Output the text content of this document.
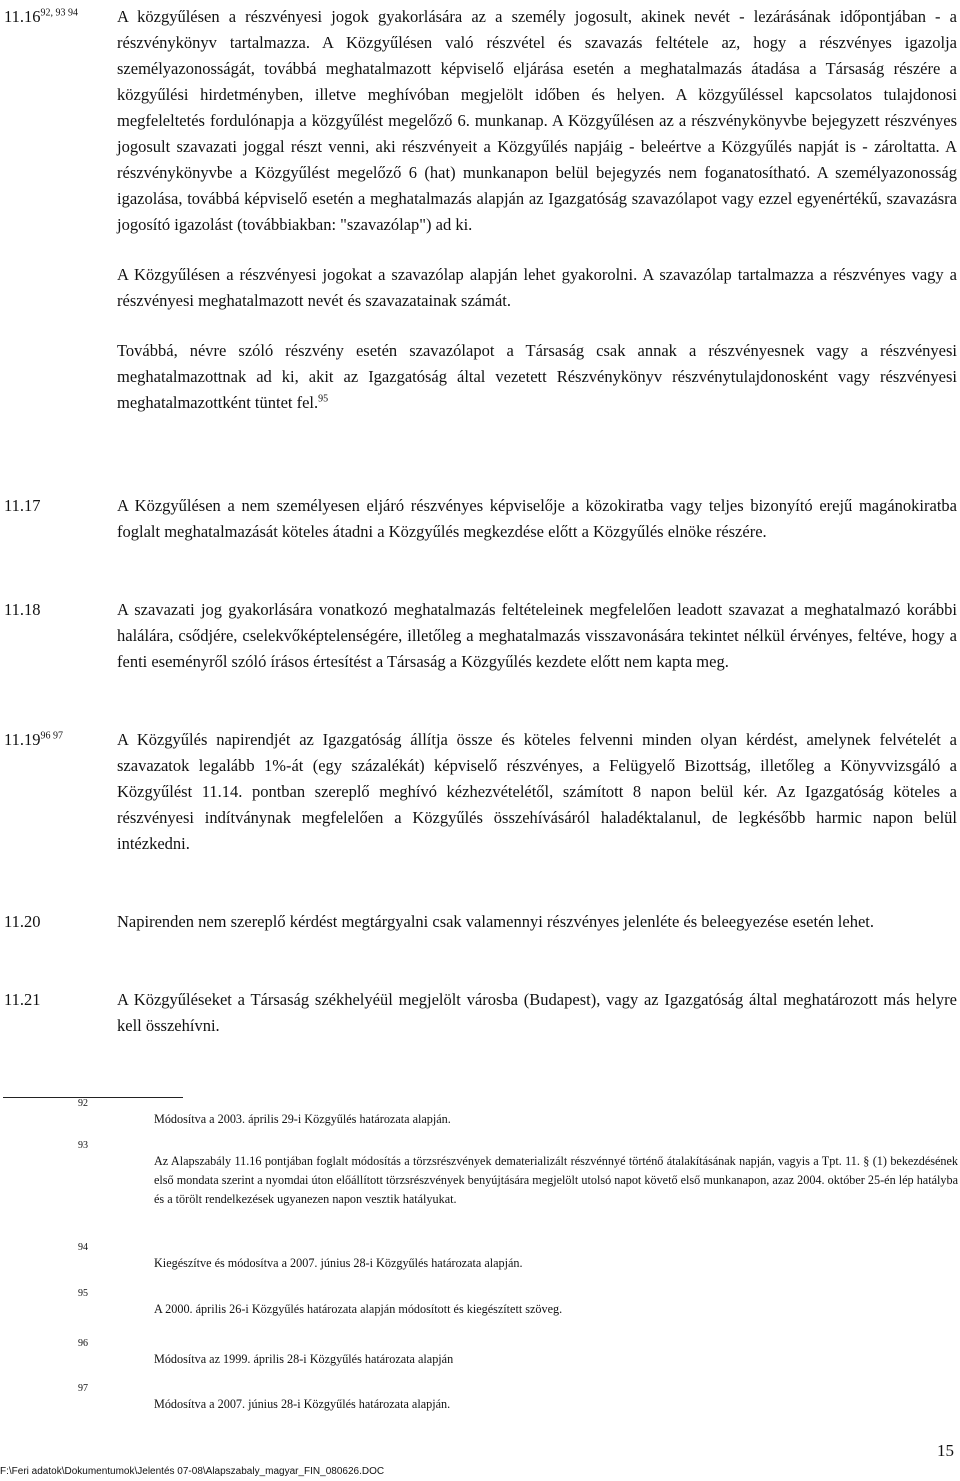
$11.16^{92, 93 94}$ A közgyűlésen a részvényesi jogok gyakorlására az a személy jogosult, akinek nevét - lezárásának időpontjában - a részvénykönyv tartalmazza. A Közgyűlésen való részvétel és szavazás feltétele az, hogy a részvényes igazolja személyazonosságát, továbbá meghatalmazott képviselő eljárása esetén a meghatalmazás átadása a Társaság részére a közgyűlési hirdetményben, illetve meghívóban megjelölt időben és helyen. A közgyűléssel kapcsolatos tulajdonosi megfeleltetés fordulónapja a közgyűlést megelőző 6. munkanap. A Közgyűlésen az a részvénykönyvbe bejegyzett részvényes jogosult szavazati joggal részt venni, aki részvényeit a Közgyűlés napjáig - beleértve a Közgyűlés napját is - zároltatta. A részvénykönyvbe a Közgyűlést megelőző 6 (hat) munkanapon belül bejegyzés nem foganatosítható. A személyazonosság igazolása, továbbá képviselő esetén a meghatalmazás alapján az Igazgatóság szavazólapot vagy ezzel egyenértékű, szavazásra jogosító igazolást (továbbiakban: "szavazólap") ad ki.

A Közgyűlésen a részvényesi jogokat a szavazólap alapján lehet gyakorolni. A szavazólap tartalmazza a részvényes vagy a részvényesi meghatalmazott nevét és szavazatainak számát.

Továbbá, névre szóló részvény esetén szavazólapot a Társaság csak annak a részvényesnek vagy a részvényesi meghatalmazottnak ad ki, akit az Igazgatóság által vezetett Részvénykönyv részvénytulajdonosként vagy részvényesi meghatalmazottként tüntet fel.$^{95}$

11.17	A Közgyűlésen a nem személyesen eljáró részvényes képviselője a közokiratba vagy teljes bizonyító erejű magánokiratba foglalt meghatalmazását köteles átadni a Közgyűlés megkezdése előtt a Közgyűlés elnöke részére.

11.18	A szavazati jog gyakorlására vonatkozó meghatalmazás feltételeinek megfelelően leadott szavazat a meghatalmazó korábbi halálára, csődjére, cselekvőképtelenségére, illetőleg a meghatalmazás visszavonására tekintet nélkül érvényes, feltéve, hogy a fenti eseményről szóló írásos értesítést a Társaság a Közgyűlés kezdete előtt nem kapta meg.

$11.19^{96 97}$	A Közgyűlés napirendjét az Igazgatóság állítja össze és köteles felvenni minden olyan kérdést, amelynek felvételét a szavazatok legalább 1%-át (egy százalékát) képviselő részvényes, a Felügyelő Bizottság, illetőleg a Könyvvizsgáló a Közgyűlést 11.14. pontban szereplő meghívó kézhezvételétől, számított 8 napon belül kér. Az Igazgatóság köteles a részvényesi indítványnak megfelelően a Közgyűlés összehívásáról haladéktalanul, de legkésőbb harmic napon belül intézkedni.

11.20	Napirenden nem szereplő kérdést megtárgyalni csak valamennyi részvényes jelenléte és beleegyezése esetén lehet.

11.21	A Közgyűléseket a Társaság székhelyéül megjelölt városba (Budapest), vagy az Igazgatóság által meghatározott más helyre kell összehívni.

92
Módosítva a 2003. április 29-i Közgyűlés határozata alapján.
93
Az Alapszabály 11.16 pontjában foglalt módosítás a törzsrészvények dematerializált részvénnyé történő átalakításának napján, vagyis a Tpt. 11. § (1) bekezdésének első mondata szerint a nyomdai úton előállított törzsrészvények benyújtására megjelölt utolsó napot követő első munkanapon, azaz 2004. október 25-én lép hatályba és a törölt rendelkezések ugyanezen napon vesztik hatályukat.
94
Kiegészítve és módosítva a 2007. június 28-i Közgyűlés határozata alapján.
95
A 2000. április 26-i Közgyűlés határozata alapján módosított és kiegészített szöveg.
96
Módosítva az 1999. április 28-i Közgyűlés határozata alapján
97
Módosítva a 2007. június 28-i Közgyűlés határozata alapján.
15
F:\Feri adatok\Dokumentumok\Jelentés 07-08\Alapszabaly_magyar_FIN_080626.DOC
